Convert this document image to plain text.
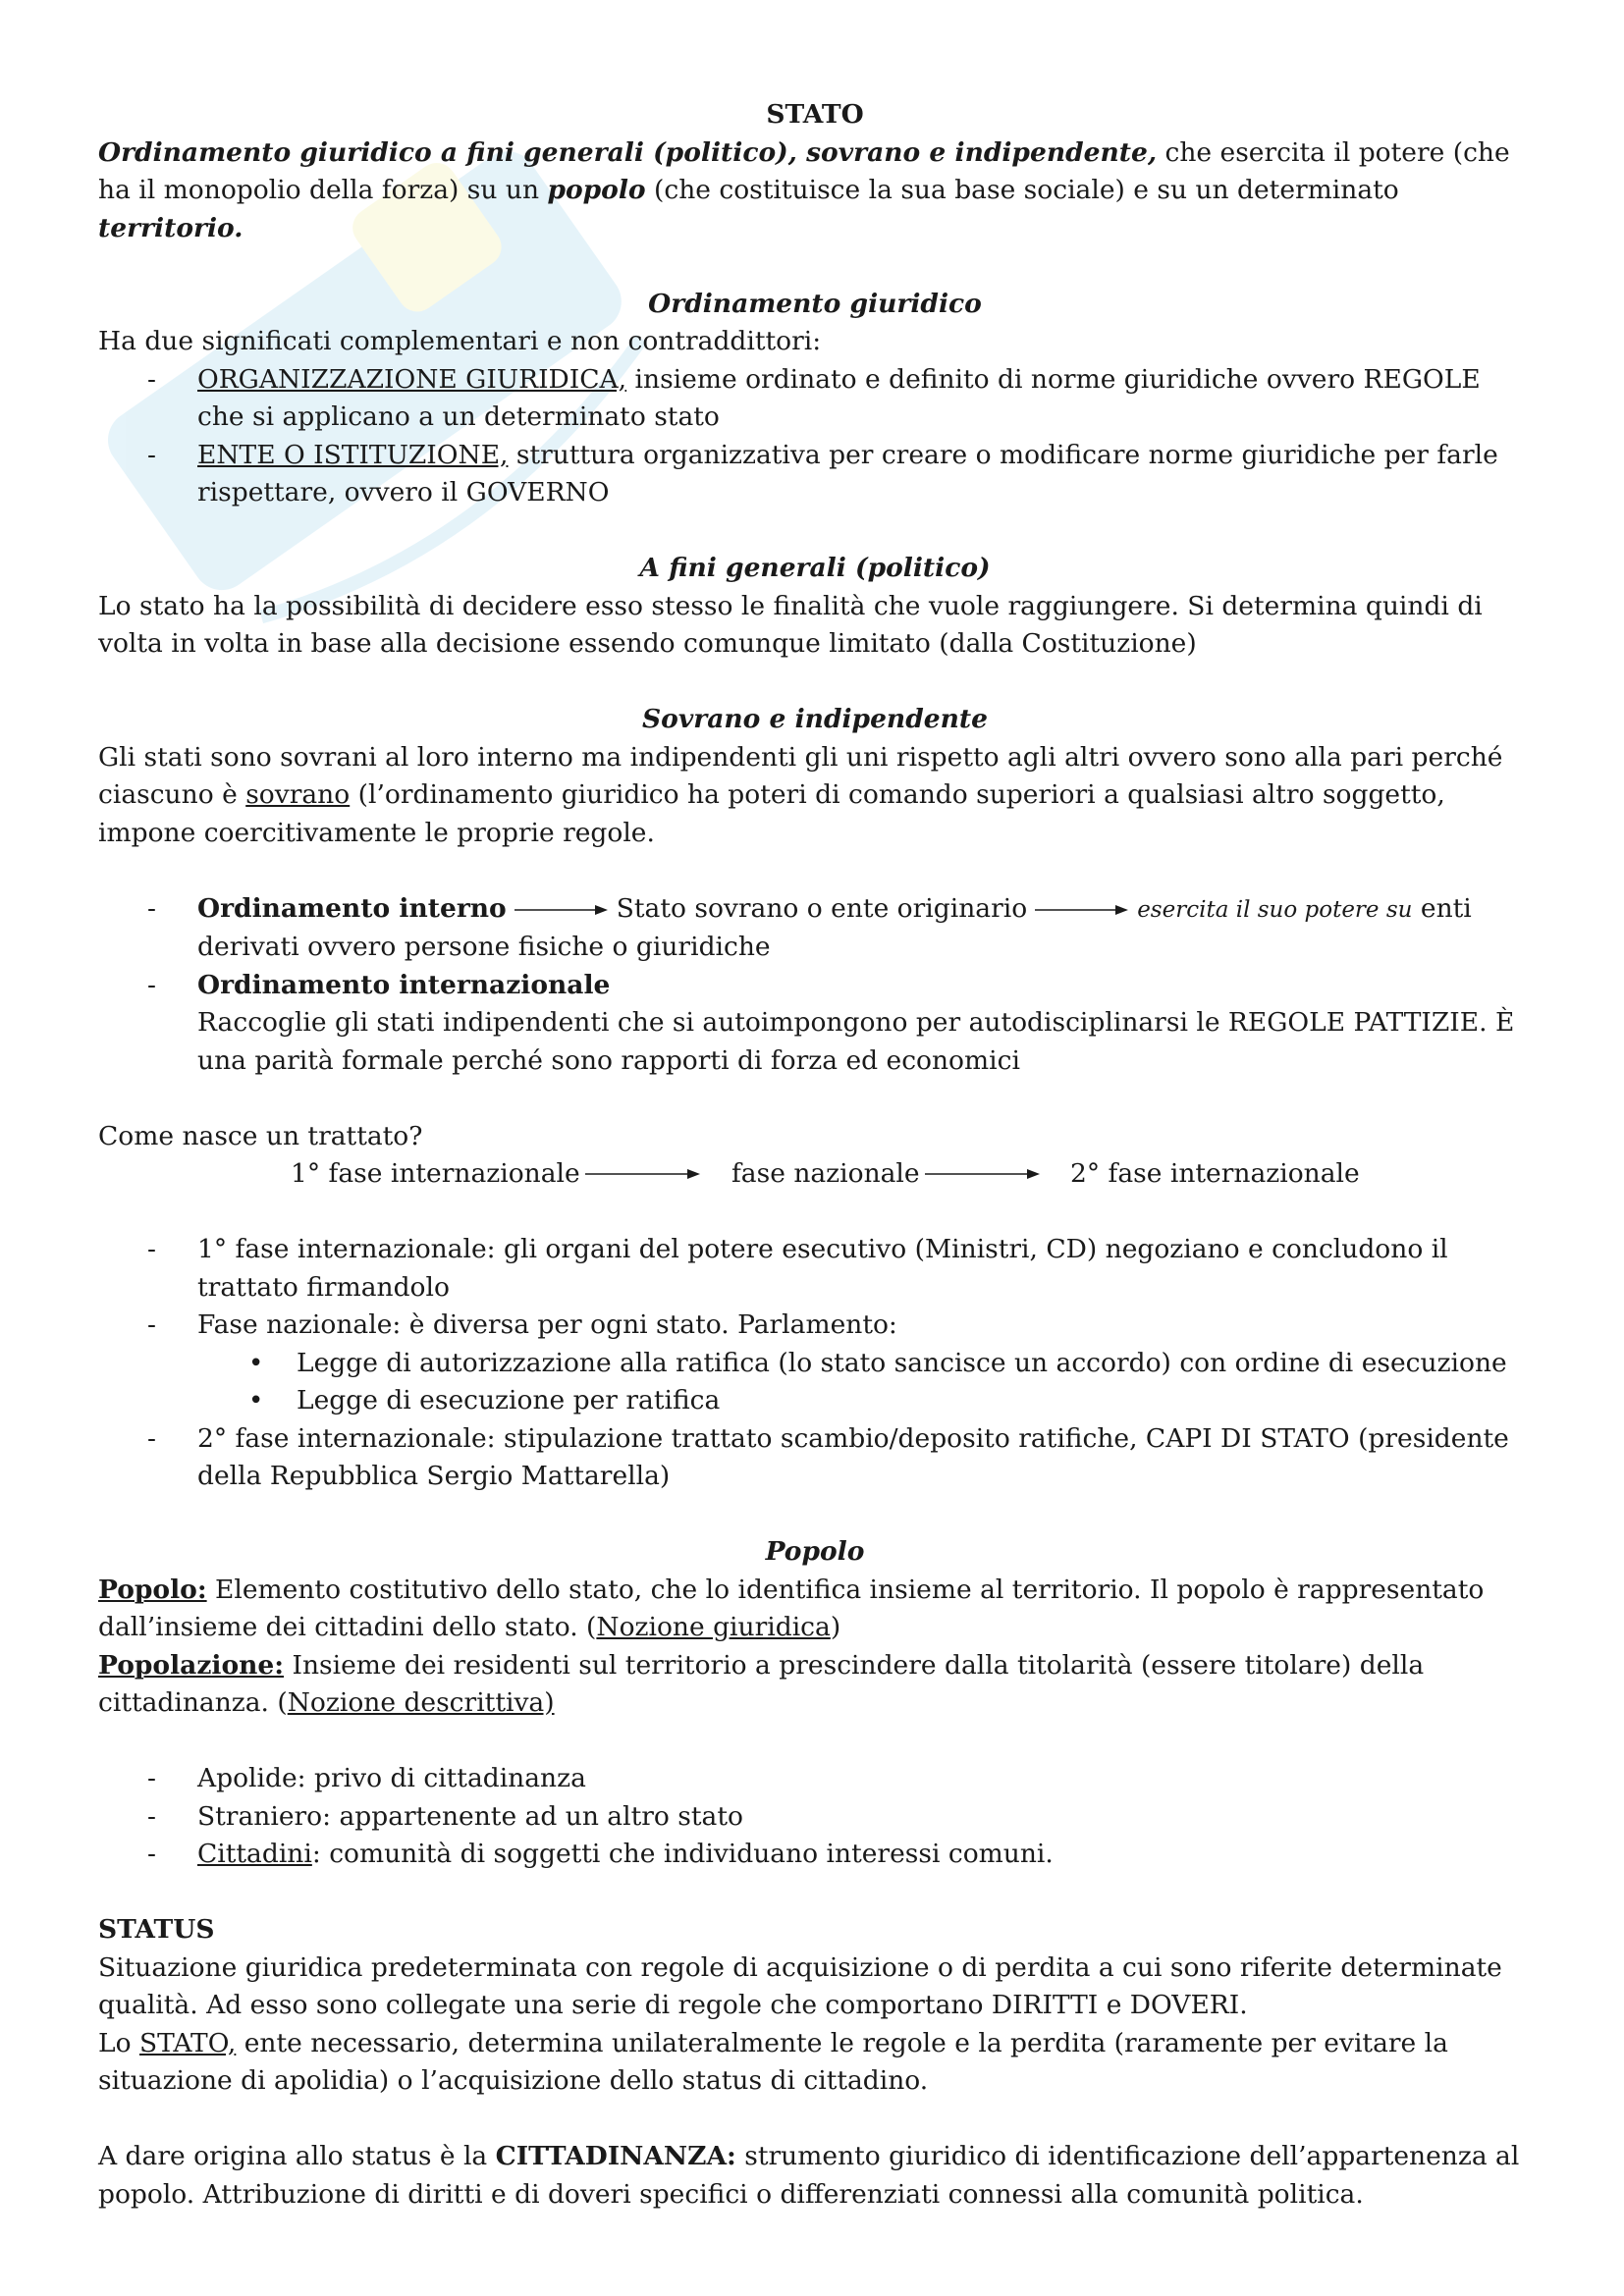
STATO

Ordinamento giuridico a fini generali (politico), sovrano e indipendente, che esercita il potere (che ha il monopolio della forza) su un popolo (che costituisce la sua base sociale) e su un determinato territorio.

Ordinamento giuridico

Ha due significati complementari e non contraddittori:

- ORGANIZZAZIONE GIURIDICA, insieme ordinato e definito di norme giuridiche ovvero REGOLE che si applicano a un determinato stato
- ENTE O ISTITUZIONE, struttura organizzativa per creare o modificare norme giuridiche per farle rispettare, ovvero il GOVERNO

A fini generali (politico)

Lo stato ha la possibilità di decidere esso stesso le finalità che vuole raggiungere. Si determina quindi di volta in volta in base alla decisione essendo comunque limitato (dalla Costituzione)

Sovrano e indipendente

Gli stati sono sovrani al loro interno ma indipendenti gli uni rispetto agli altri ovvero sono alla pari perché ciascuno è sovrano (l’ordinamento giuridico ha poteri di comando superiori a qualsiasi altro soggetto, impone coercitivamente le proprie regole.

- Ordinamento interno	Stato sovrano o ente originario	esercita il suo potere su enti derivati ovvero persone fisiche o giuridiche
- Ordinamento internazionale
Raccoglie gli stati indipendenti che si autoimpongono per autodisciplinarsi le REGOLE PATTIZIE. È una parità formale perché sono rapporti di forza ed economici

Come nasce un trattato?

1° fase internazionale	fase nazionale	2° fase internazionale
- 1° fase internazionale: gli organi del potere esecutivo (Ministri, CD) negoziano e concludono il trattato firmandolo
- Fase nazionale: è diversa per ogni stato. Parlamento:
• Legge di autorizzazione alla ratifica (lo stato sancisce un accordo) con ordine di esecuzione
• Legge di esecuzione per ratifica
- 2° fase internazionale: stipulazione trattato scambio/deposito ratifiche, CAPI DI STATO (presidente della Repubblica Sergio Mattarella)

Popolo

Popolo: Elemento costitutivo dello stato, che lo identifica insieme al territorio. Il popolo è rappresentato dall’insieme dei cittadini dello stato. (Nozione giuridica)

Popolazione: Insieme dei residenti sul territorio a prescindere dalla titolarità (essere titolare) della cittadinanza. (Nozione descrittiva)

- Apolide: privo di cittadinanza
- Straniero: appartenente ad un altro stato
- Cittadini: comunità di soggetti che individuano interessi comuni.

STATUS

Situazione giuridica predeterminata con regole di acquisizione o di perdita a cui sono riferite determinate qualità. Ad esso sono collegate una serie di regole che comportano DIRITTI e DOVERI.

Lo STATO, ente necessario, determina unilateralmente le regole e la perdita (raramente per evitare la situazione di apolidia) o l’acquisizione dello status di cittadino.

A dare origina allo status è la CITTADINANZA: strumento giuridico di identificazione dell’appartenenza al popolo. Attribuzione di diritti e di doveri specifici o differenziati connessi alla comunità politica.
